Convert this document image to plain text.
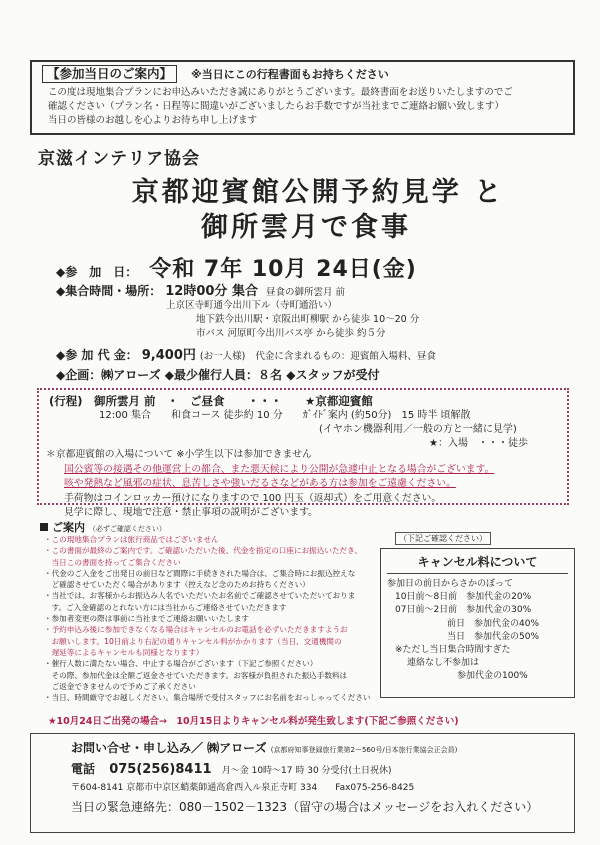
【参加当日のご案内】	※当日にこの行程書面もお持ちください
この度は現地集合プランにお申込みいただき誠にありがとうございます。最終書面をお送りいたしますのでご
確認ください（プラン名・日程等に間違いがございましたらお手数ですが当社までご連絡お願い致します）
当日の皆様のお越しを心よりお待ち申し上げます
京滋インテリア協会
京都迎賓館公開予約見学 と
御所雲月で食事
◆参　加　日： 令和 7年 10月 24日(金)
◆集合時間・場所： 12時00分 集合 昼食の御所雲月 前
上京区寺町通今出川下ル（寺町通沿い）
地下鉄今出川駅・京阪出町柳駅 から徒歩 10～20 分
市バス 河原町今出川バス亭 から徒歩 約５分
◆参 加 代 金： 9,400円 (お一人様) 代金に含まれるもの：迎賓館入場料、昼食
◆企画：㈱アローズ ◆最少催行人員：８名 ◆スタッフが受付
(行程)　御所雲月 前　・　ご昼食　　・・・　　★京都迎賓館
12:00 集合　　和食コース 徒歩約 10 分　　ｶﾞｲﾄﾞ案内 (約50分)　15 時半 頃解散
(イヤホン機器利用／一般の方と一緒に見学)
★：入場　・・・徒歩
＊京都迎賓館の入場について ※小学生以下は参加できません
国公賓等の接遇その他運営上の都合、また悪天候により公開が急遽中止となる場合がございます。
咳や発熱など風邪の症状、息苦しさや強いだるさなどがある方は参加をご遠慮ください。
手荷物はコインロッカー預けになりますので 100 円玉（返却式）をご用意ください。
見学に際し、現地で注意・禁止事項の説明がございます。
ご案内 （必ずご確認ください）
・この現地集合プランは旅行商品ではございません
・この書面が最終のご案内です。ご確認いただいた後、代金を指定の口座にお振込いただき、
　当日この書面を持ってご集合ください
・代金のご入金をご出発日の前日など間際に手続きされた場合は、ご集合時にお振込控えな
　ど確認させていただく場合があります（控えなど念のためお持ちください）
・当社では、お客様からお振込み人名でいただいたお名前でご確認させていただいておりま
　す。ご入金確認のとれない方には当社からご連絡させていただきます
・参加者変更の際は事前に当社までご連絡お願いいたします
・予約申込み後に参加できなくなる場合はキャンセルのお電話を必ずいただきますようお
　お願いします。10日前より右記の通りキャンセル料がかかります（当日、交通機関の
　遅延等によるキャンセルも同様となります）
・催行人数に満たない場合、中止する場合がございます（下記ご参照ください）
　その際、参加代金は全額ご返金させていただきます。お客様が負担された振込手数料は
　ご返金できませんので予めご了承ください
・当日、時間厳守でお越しください。集合場所で受付スタッフにお名前をおっしゃってください
（下記ご確認ください）
キャンセル料について
参加日の前日からさかのぼって
10日前～8日前　参加代金の20%
07日前～2日前　参加代金の30%
前日　参加代金の40%
当日　参加代金の50%
※ただし当日集合時間すぎた
連絡なし不参加は
参加代金の100%
★10月24日ご出発の場合→　10月15日よりキャンセル料が発生致します(下記ご参照ください)
お問い合せ・申し込み／ ㈱アローズ (京都府知事登録旅行業第2ー560号/日本旅行業協会正会員)
電話 075(256)8411 月～金 10時～17 時 30 分受付(土日祝休)
〒604-8141 京都市中京区蛸薬師通高倉西入ル泉正寺町 334　　Fax075-256-8425
当日の緊急連絡先：080－1502－1323（留守の場合はメッセージをお入れください）
